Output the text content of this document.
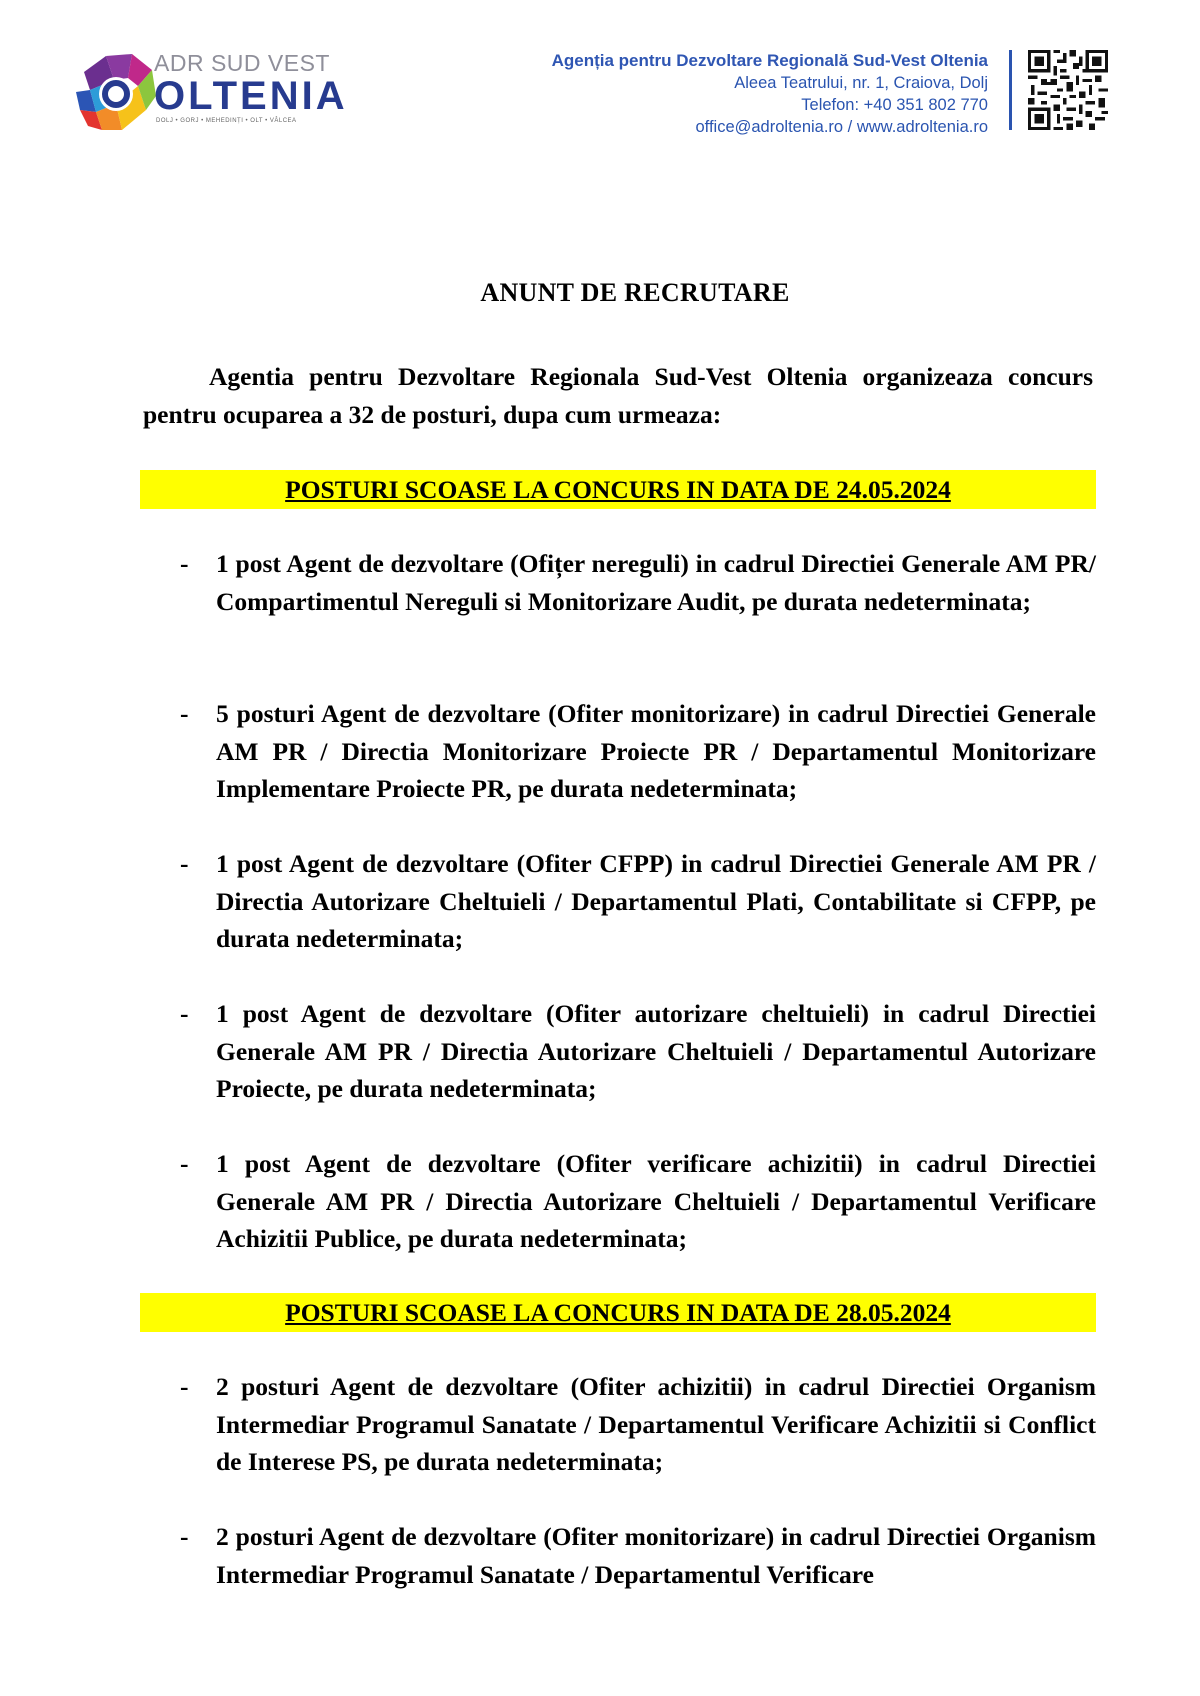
ADR SUD VEST
OLTENIA
DOLJ • GORJ • MEHEDINȚI • OLT • VÂLCEA
Agenția pentru Dezvoltare Regională Sud-Vest Oltenia
Aleea Teatrului, nr. 1, Craiova, Dolj
Telefon: +40 351 802 770
office@adroltenia.ro / www.adroltenia.ro
ANUNT DE RECRUTARE
Agentia pentru Dezvoltare Regionala Sud-Vest Oltenia organizeaza concurs pentru ocuparea a 32 de posturi, dupa cum urmeaza:
POSTURI SCOASE LA CONCURS IN DATA DE 24.05.2024
- 1 post Agent de dezvoltare (Ofițer nereguli) in cadrul Directiei Generale AM PR/ Compartimentul Nereguli si Monitorizare Audit, pe durata nedeterminata;
- 5 posturi Agent de dezvoltare (Ofiter monitorizare) in cadrul Directiei Generale AM PR / Directia Monitorizare Proiecte PR / Departamentul Monitorizare Implementare Proiecte PR, pe durata nedeterminata;
- 1 post Agent de dezvoltare (Ofiter CFPP) in cadrul Directiei Generale AM PR / Directia Autorizare Cheltuieli / Departamentul Plati, Contabilitate si CFPP, pe durata nedeterminata;
- 1 post Agent de dezvoltare (Ofiter autorizare cheltuieli) in cadrul Directiei Generale AM PR / Directia Autorizare Cheltuieli / Departamentul Autorizare Proiecte, pe durata nedeterminata;
- 1 post Agent de dezvoltare (Ofiter verificare achizitii) in cadrul Directiei Generale AM PR / Directia Autorizare Cheltuieli / Departamentul Verificare Achizitii Publice, pe durata nedeterminata;
POSTURI SCOASE LA CONCURS IN DATA DE 28.05.2024
- 2 posturi Agent de dezvoltare (Ofiter achizitii) in cadrul Directiei Organism Intermediar Programul Sanatate / Departamentul Verificare Achizitii si Conflict de Interese PS, pe durata nedeterminata;
- 2 posturi Agent de dezvoltare (Ofiter monitorizare) in cadrul Directiei Organism Intermediar Programul Sanatate / Departamentul Verificare
